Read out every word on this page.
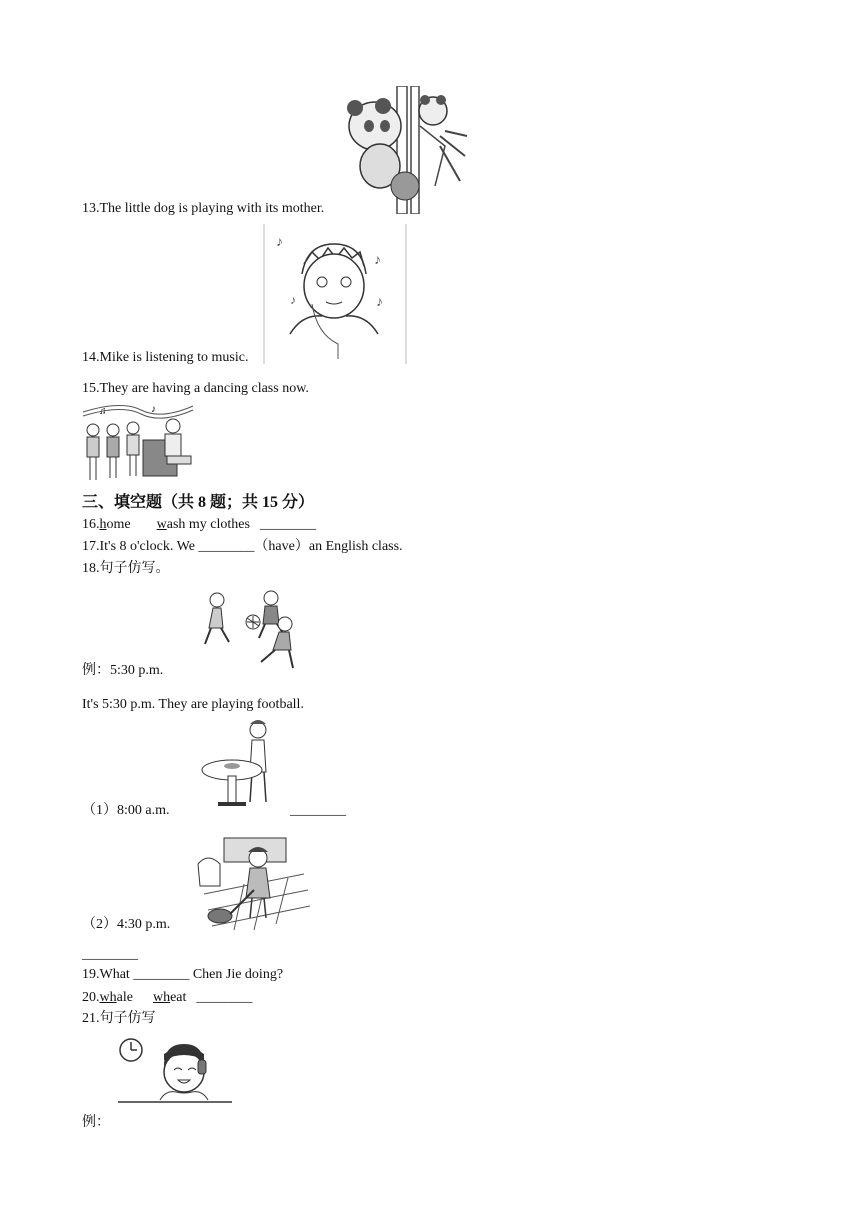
13.The little dog is playing with its mother.
♪
♪
♪
♪
14.Mike is listening to music.
15.They are having a dancing class now.
♫	♪
三、填空题（共 8 题；共 15 分）
16.home wash my clothes ________
17.It's 8 o'clock. We ________（have）an English class.
18.句子仿写。
例：5:30 p.m.
It's 5:30 p.m. They are playing football.
（1）8:00 a.m.	________
（2）4:30 p.m.
________
19.What ________ Chen Jie doing?
20.whale wheat ________
21.句子仿写
例：
